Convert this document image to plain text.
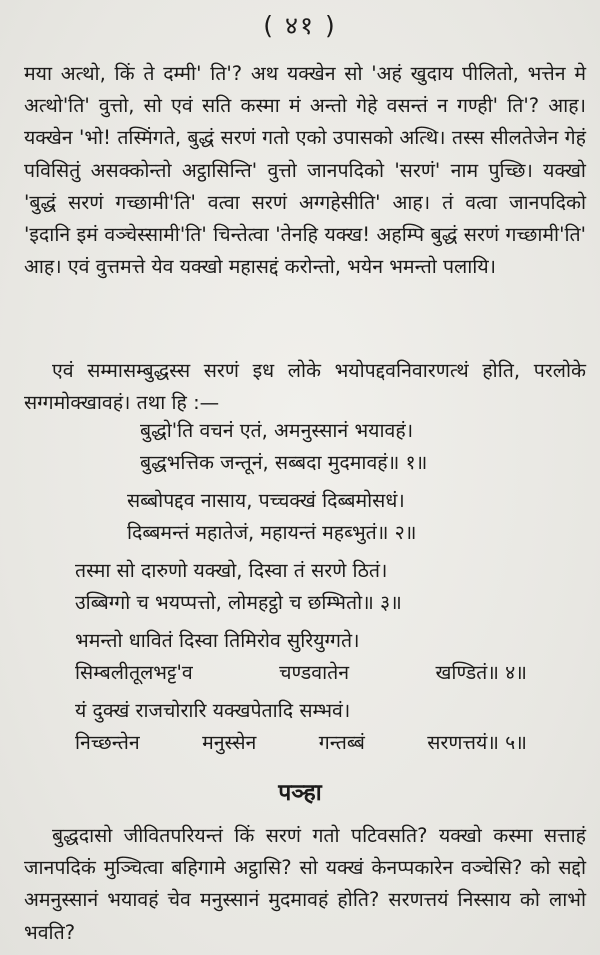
( ४१ )

मया अत्थो, किं ते दम्मी' ति'? अथ यक्खेन सो 'अहं खुदाय पीलितो, भत्तेन मे अत्थो'ति' वुत्तो, सो एवं सति कस्मा मं अन्तो गेहे वसन्तं न गण्ही' ति'? आह। यक्खेन 'भो! तस्मिंगते, बुद्धं सरणं गतो एको उपासको अत्थि। तस्स सीलतेजेन गेहं पविसितुं असक्कोन्तो अट्ठासिन्ति' वुत्तो जानपदिको 'सरणं' नाम पुच्छि। यक्खो 'बुद्धं सरणं गच्छामी'ति' वत्वा सरणं अग्गहेसीति' आह। तं वत्वा जानपदिको 'इदानि इमं वञ्चेस्सामी'ति' चिन्तेत्वा 'तेनहि यक्ख! अहम्पि बुद्धं सरणं गच्छामी'ति' आह। एवं वुत्तमत्ते येव यक्खो महासद्दं करोन्तो, भयेन भमन्तो पलायि।

एवं सम्मासम्बुद्धस्स सरणं इध लोके भयोपद्दवनिवारणत्थं होति, परलोके सग्गमोक्खावहं। तथा हि :—

बुद्धो'ति वचनं एतं, अमनुस्सानं भयावहं।
बुद्धभत्तिक जन्तूनं, सब्बदा मुदमावहं॥ १॥
सब्बोपद्दव नासाय, पच्चक्खं दिब्बमोसधं।
दिब्बमन्तं महातेजं, महायन्तं महब्भुतं॥ २॥
तस्मा सो दारुणो यक्खो, दिस्वा तं सरणे ठितं।
उब्बिग्गो च भयप्पत्तो, लोमहट्ठो च छम्भितो॥ ३॥
भमन्तो धावितं दिस्वा तिमिरोव सुरियुग्गते।
सिम्बलीतूलभट्ट'व	चण्डवातेन	खण्डितं॥ ४॥
यं दुक्खं राजचोरारि यक्खपेतादि सम्भवं।
निच्छन्तेन	मनुस्सेन	गन्तब्बं	सरणत्तयं॥ ५॥
पञ्हा

बुद्धदासो जीवितपरियन्तं किं सरणं गतो पटिवसति? यक्खो कस्मा सत्ताहं जानपदिकं मुञ्चित्वा बहिगामे अट्ठासि? सो यक्खं केनप्पकारेन वञ्चेसि? को सद्दो अमनुस्सानं भयावहं चेव मनुस्सानं मुदमावहं होति? सरणत्तयं निस्साय को लाभो भवति?
